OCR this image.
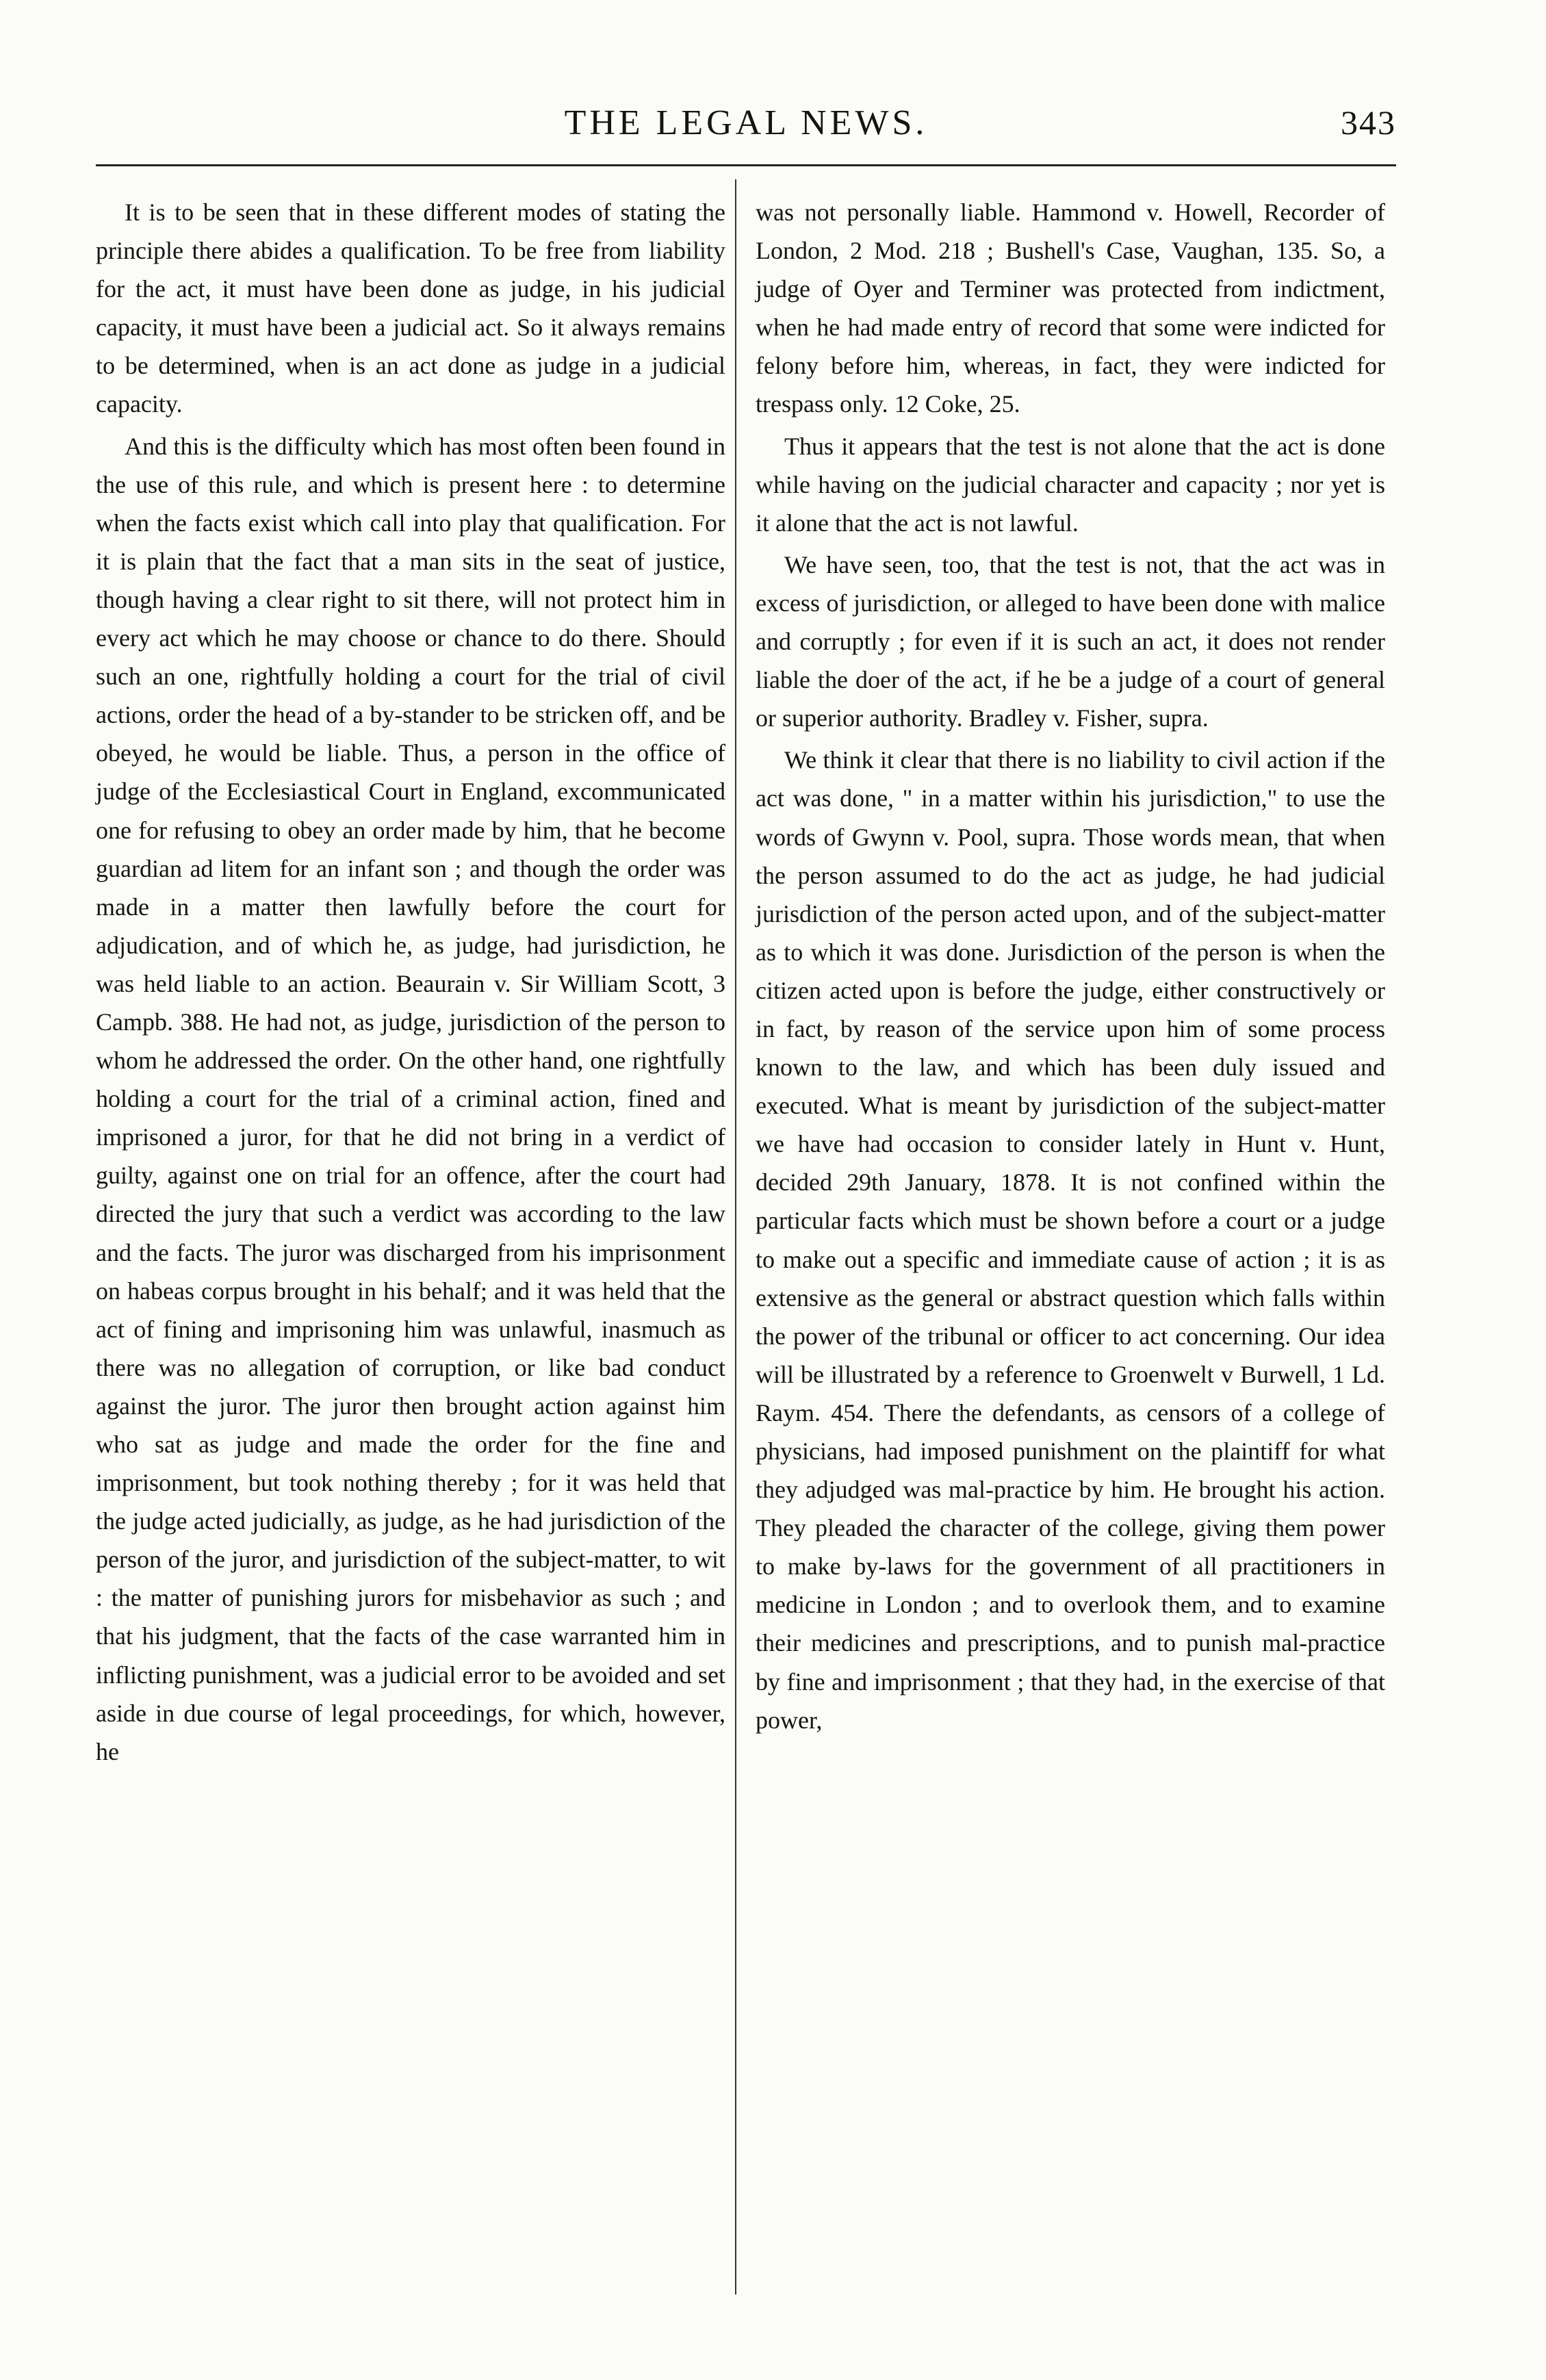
THE LEGAL NEWS.	343

It is to be seen that in these different modes of stating the principle there abides a qualification. To be free from liability for the act, it must have been done as judge, in his judicial capacity, it must have been a judicial act. So it always remains to be determined, when is an act done as judge in a judicial capacity.

And this is the difficulty which has most often been found in the use of this rule, and which is present here : to determine when the facts exist which call into play that qualification. For it is plain that the fact that a man sits in the seat of justice, though having a clear right to sit there, will not protect him in every act which he may choose or chance to do there. Should such an one, rightfully holding a court for the trial of civil actions, order the head of a by-stander to be stricken off, and be obeyed, he would be liable. Thus, a person in the office of judge of the Ecclesiastical Court in England, excommunicated one for refusing to obey an order made by him, that he become guardian ad litem for an infant son ; and though the order was made in a matter then lawfully before the court for adjudication, and of which he, as judge, had jurisdiction, he was held liable to an action. Beaurain v. Sir William Scott, 3 Campb. 388. He had not, as judge, jurisdiction of the person to whom he addressed the order. On the other hand, one rightfully holding a court for the trial of a criminal action, fined and imprisoned a juror, for that he did not bring in a verdict of guilty, against one on trial for an offence, after the court had directed the jury that such a verdict was according to the law and the facts. The juror was discharged from his imprisonment on habeas corpus brought in his behalf; and it was held that the act of fining and imprisoning him was unlawful, inasmuch as there was no allegation of corruption, or like bad conduct against the juror. The juror then brought action against him who sat as judge and made the order for the fine and imprisonment, but took nothing thereby ; for it was held that the judge acted judicially, as judge, as he had jurisdiction of the person of the juror, and jurisdiction of the subject-matter, to wit : the matter of punishing jurors for misbehavior as such ; and that his judgment, that the facts of the case warranted him in inflicting punishment, was a judicial error to be avoided and set aside in due course of legal proceedings, for which, however, he

was not personally liable. Hammond v. Howell, Recorder of London, 2 Mod. 218 ; Bushell's Case, Vaughan, 135. So, a judge of Oyer and Terminer was protected from indictment, when he had made entry of record that some were indicted for felony before him, whereas, in fact, they were indicted for trespass only. 12 Coke, 25.

Thus it appears that the test is not alone that the act is done while having on the judicial character and capacity ; nor yet is it alone that the act is not lawful.

We have seen, too, that the test is not, that the act was in excess of jurisdiction, or alleged to have been done with malice and corruptly ; for even if it is such an act, it does not render liable the doer of the act, if he be a judge of a court of general or superior authority. Bradley v. Fisher, supra.

We think it clear that there is no liability to civil action if the act was done, " in a matter within his jurisdiction," to use the words of Gwynn v. Pool, supra. Those words mean, that when the person assumed to do the act as judge, he had judicial jurisdiction of the person acted upon, and of the subject-matter as to which it was done. Jurisdiction of the person is when the citizen acted upon is before the judge, either constructively or in fact, by reason of the service upon him of some process known to the law, and which has been duly issued and executed. What is meant by jurisdiction of the subject-matter we have had occasion to consider lately in Hunt v. Hunt, decided 29th January, 1878. It is not confined within the particular facts which must be shown before a court or a judge to make out a specific and immediate cause of action ; it is as extensive as the general or abstract question which falls within the power of the tribunal or officer to act concerning. Our idea will be illustrated by a reference to Groenwelt v Burwell, 1 Ld. Raym. 454. There the defendants, as censors of a college of physicians, had imposed punishment on the plaintiff for what they adjudged was mal-practice by him. He brought his action. They pleaded the character of the college, giving them power to make by-laws for the government of all practitioners in medicine in London ; and to overlook them, and to examine their medicines and prescriptions, and to punish mal-practice by fine and imprisonment ; that they had, in the exercise of that power,
